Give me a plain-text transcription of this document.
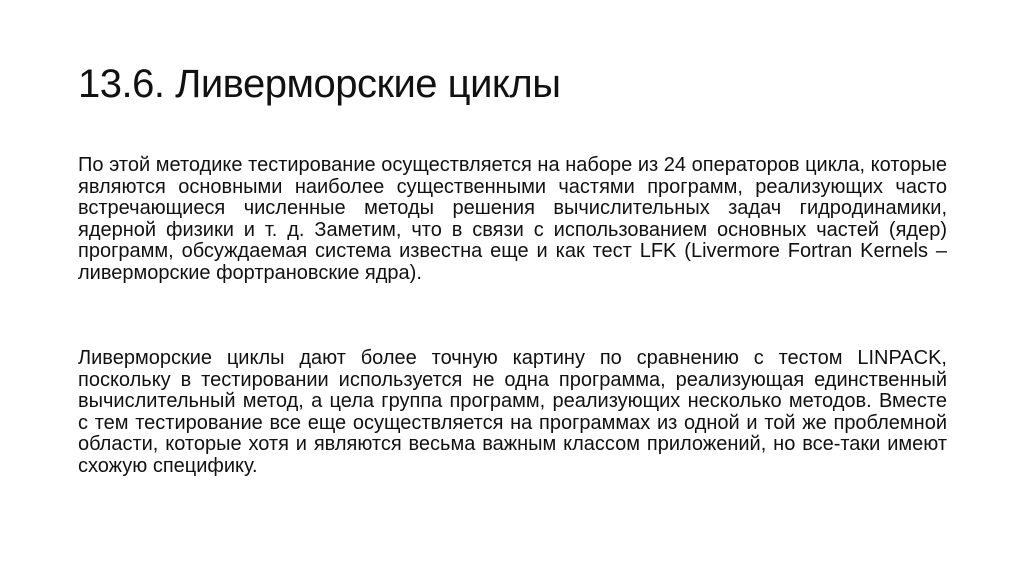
13.6. Ливерморские циклы

По этой методике тестирование осуществляется на наборе из 24 операторов цикла, которые являются основными наиболее существенными частями программ, реализующих часто встречающиеся численные методы решения вычислительных задач гидродинамики, ядерной физики и т. д. Заметим, что в связи с использованием основных частей (ядер) программ, обсуждаемая система известна еще и как тест LFK (Livermore Fortran Kernels – ливерморские фортрановские ядра).

Ливерморские циклы дают более точную картину по сравнению с тестом LINPACK, поскольку в тестировании используется не одна программа, реализующая единственный вычислительный метод, а цела группа программ, реализующих несколько методов. Вместе с тем тестирование все еще осуществляется на программах из одной и той же проблемной области, которые хотя и являются весьма важным классом приложений, но все-таки имеют схожую специфику.
